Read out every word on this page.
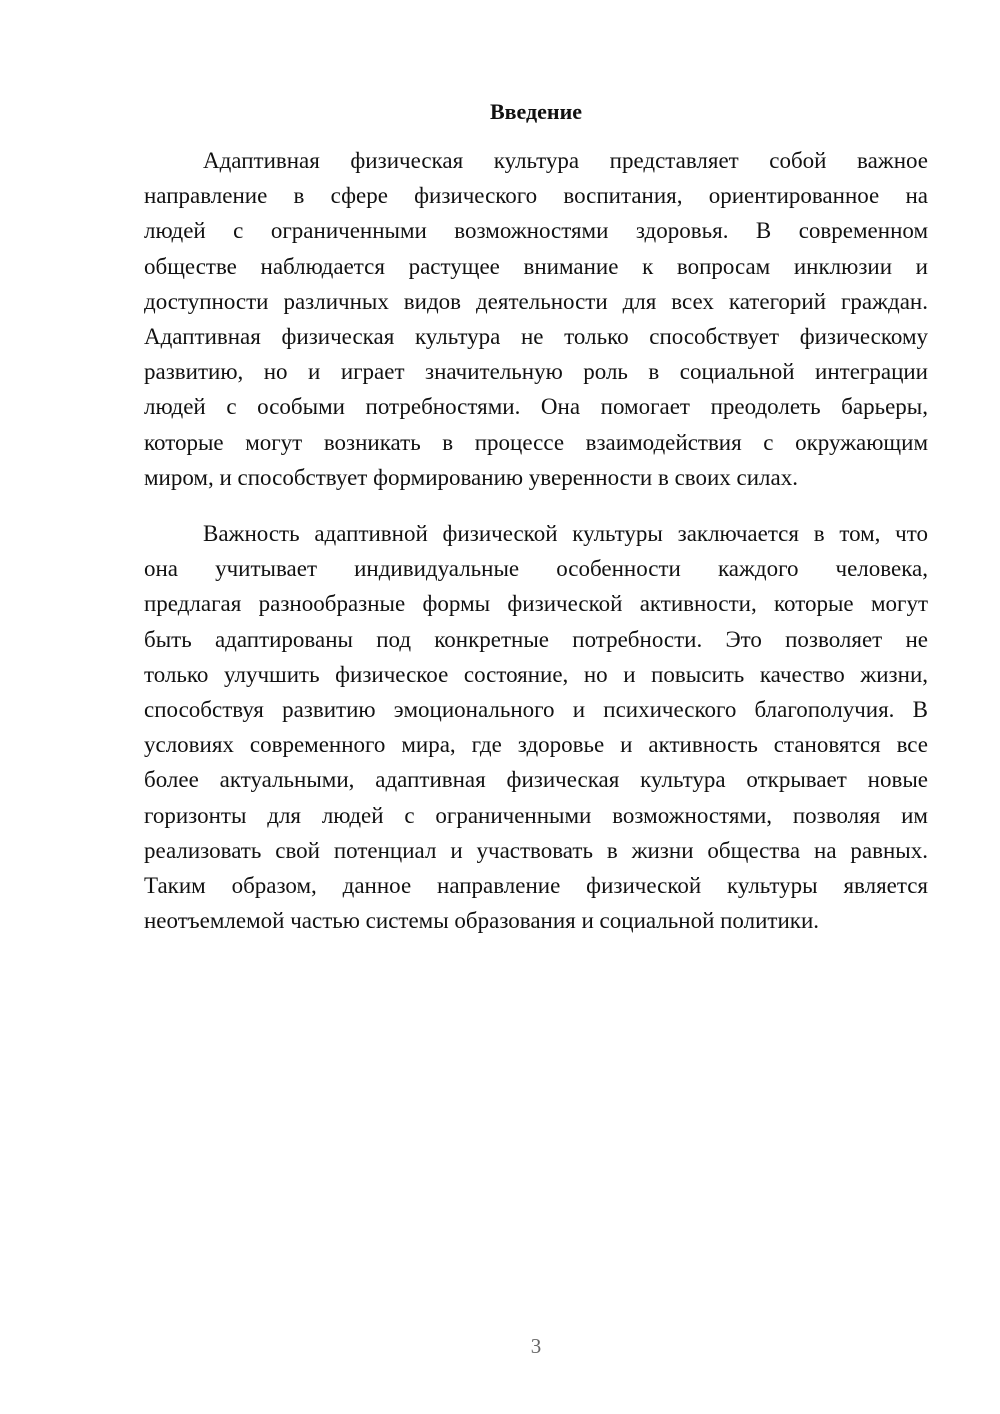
Введение

Адаптивная физическая культура представляет собой важное
направление в сфере физического воспитания, ориентированное на
людей с ограниченными возможностями здоровья. В современном
обществе наблюдается растущее внимание к вопросам инклюзии и
доступности различных видов деятельности для всех категорий граждан.
Адаптивная физическая культура не только способствует физическому
развитию, но и играет значительную роль в социальной интеграции
людей с особыми потребностями. Она помогает преодолеть барьеры,
которые могут возникать в процессе взаимодействия с окружающим
миром, и способствует формированию уверенности в своих силах.

Важность адаптивной физической культуры заключается в том, что
она учитывает индивидуальные особенности каждого человека,
предлагая разнообразные формы физической активности, которые могут
быть адаптированы под конкретные потребности. Это позволяет не
только улучшить физическое состояние, но и повысить качество жизни,
способствуя развитию эмоционального и психического благополучия. В
условиях современного мира, где здоровье и активность становятся все
более актуальными, адаптивная физическая культура открывает новые
горизонты для людей с ограниченными возможностями, позволяя им
реализовать свой потенциал и участвовать в жизни общества на равных.
Таким образом, данное направление физической культуры является
неотъемлемой частью системы образования и социальной политики.

3
